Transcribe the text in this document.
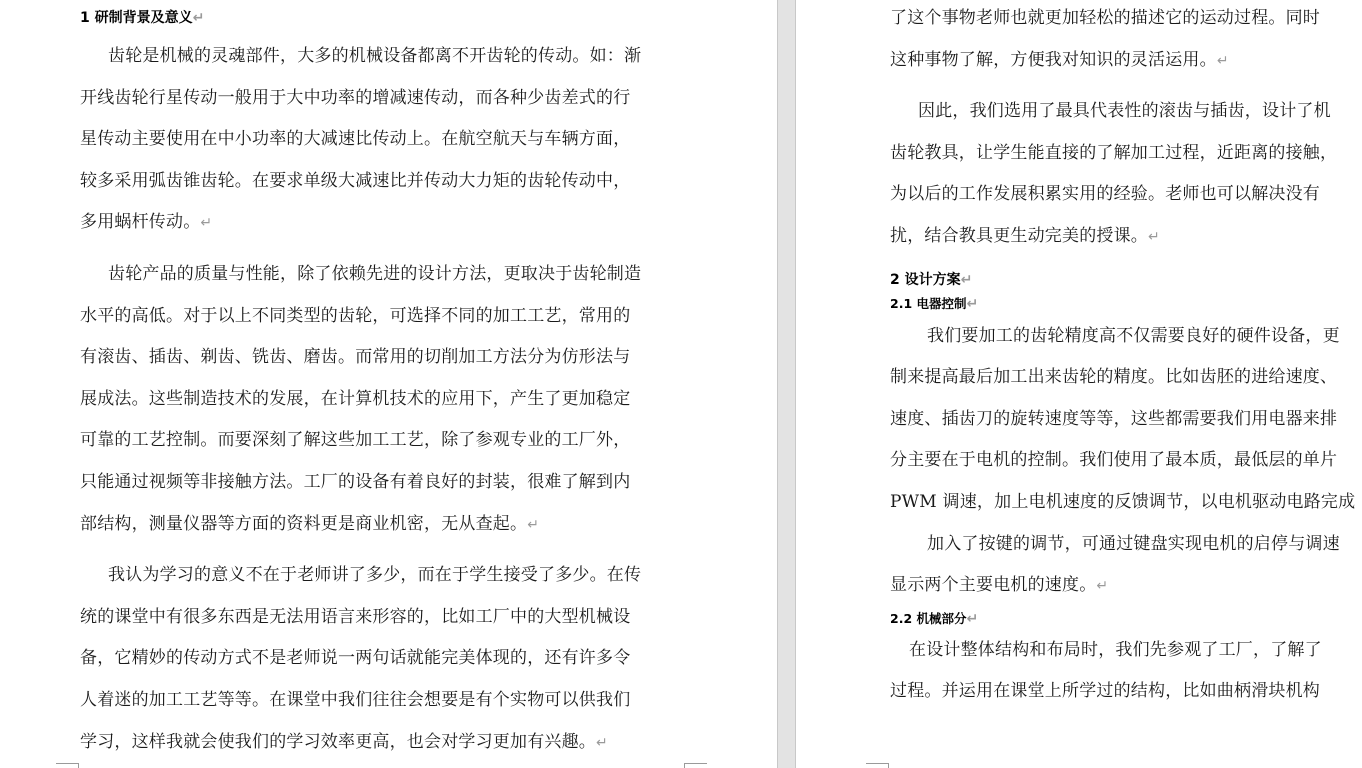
1 研制背景及意义↵
齿轮是机械的灵魂部件，大多的机械设备都离不开齿轮的传动。如：渐
开线齿轮行星传动一般用于大中功率的增减速传动，而各种少齿差式的行
星传动主要使用在中小功率的大减速比传动上。在航空航天与车辆方面，
较多采用弧齿锥齿轮。在要求单级大减速比并传动大力矩的齿轮传动中，
多用蜗杆传动。↵
齿轮产品的质量与性能，除了依赖先进的设计方法，更取决于齿轮制造
水平的高低。对于以上不同类型的齿轮，可选择不同的加工工艺，常用的
有滚齿、插齿、剃齿、铣齿、磨齿。而常用的切削加工方法分为仿形法与
展成法。这些制造技术的发展，在计算机技术的应用下，产生了更加稳定
可靠的工艺控制。而要深刻了解这些加工工艺，除了参观专业的工厂外，
只能通过视频等非接触方法。工厂的设备有着良好的封装，很难了解到内
部结构，测量仪器等方面的资料更是商业机密，无从查起。↵
我认为学习的意义不在于老师讲了多少，而在于学生接受了多少。在传
统的课堂中有很多东西是无法用语言来形容的，比如工厂中的大型机械设
备，它精妙的传动方式不是老师说一两句话就能完美体现的，还有许多令
人着迷的加工工艺等等。在课堂中我们往往会想要是有个实物可以供我们
学习，这样我就会使我们的学习效率更高，也会对学习更加有兴趣。↵
了这个事物老师也就更加轻松的描述它的运动过程。同时
这种事物了解，方便我对知识的灵活运用。↵
因此，我们选用了最具代表性的滚齿与插齿，设计了机
齿轮教具，让学生能直接的了解加工过程，近距离的接触，
为以后的工作发展积累实用的经验。老师也可以解决没有
扰，结合教具更生动完美的授课。↵
2 设计方案↵
2.1 电器控制↵
我们要加工的齿轮精度高不仅需要良好的硬件设备，更
制来提高最后加工出来齿轮的精度。比如齿胚的进给速度、
速度、插齿刀的旋转速度等等，这些都需要我们用电器来排
分主要在于电机的控制。我们使用了最本质，最低层的单片
PWM 调速，加上电机速度的反馈调节，以电机驱动电路完成
加入了按键的调节，可通过键盘实现电机的启停与调速
显示两个主要电机的速度。↵
2.2 机械部分↵
在设计整体结构和布局时，我们先参观了工厂，了解了
过程。并运用在课堂上所学过的结构，比如曲柄滑块机构
